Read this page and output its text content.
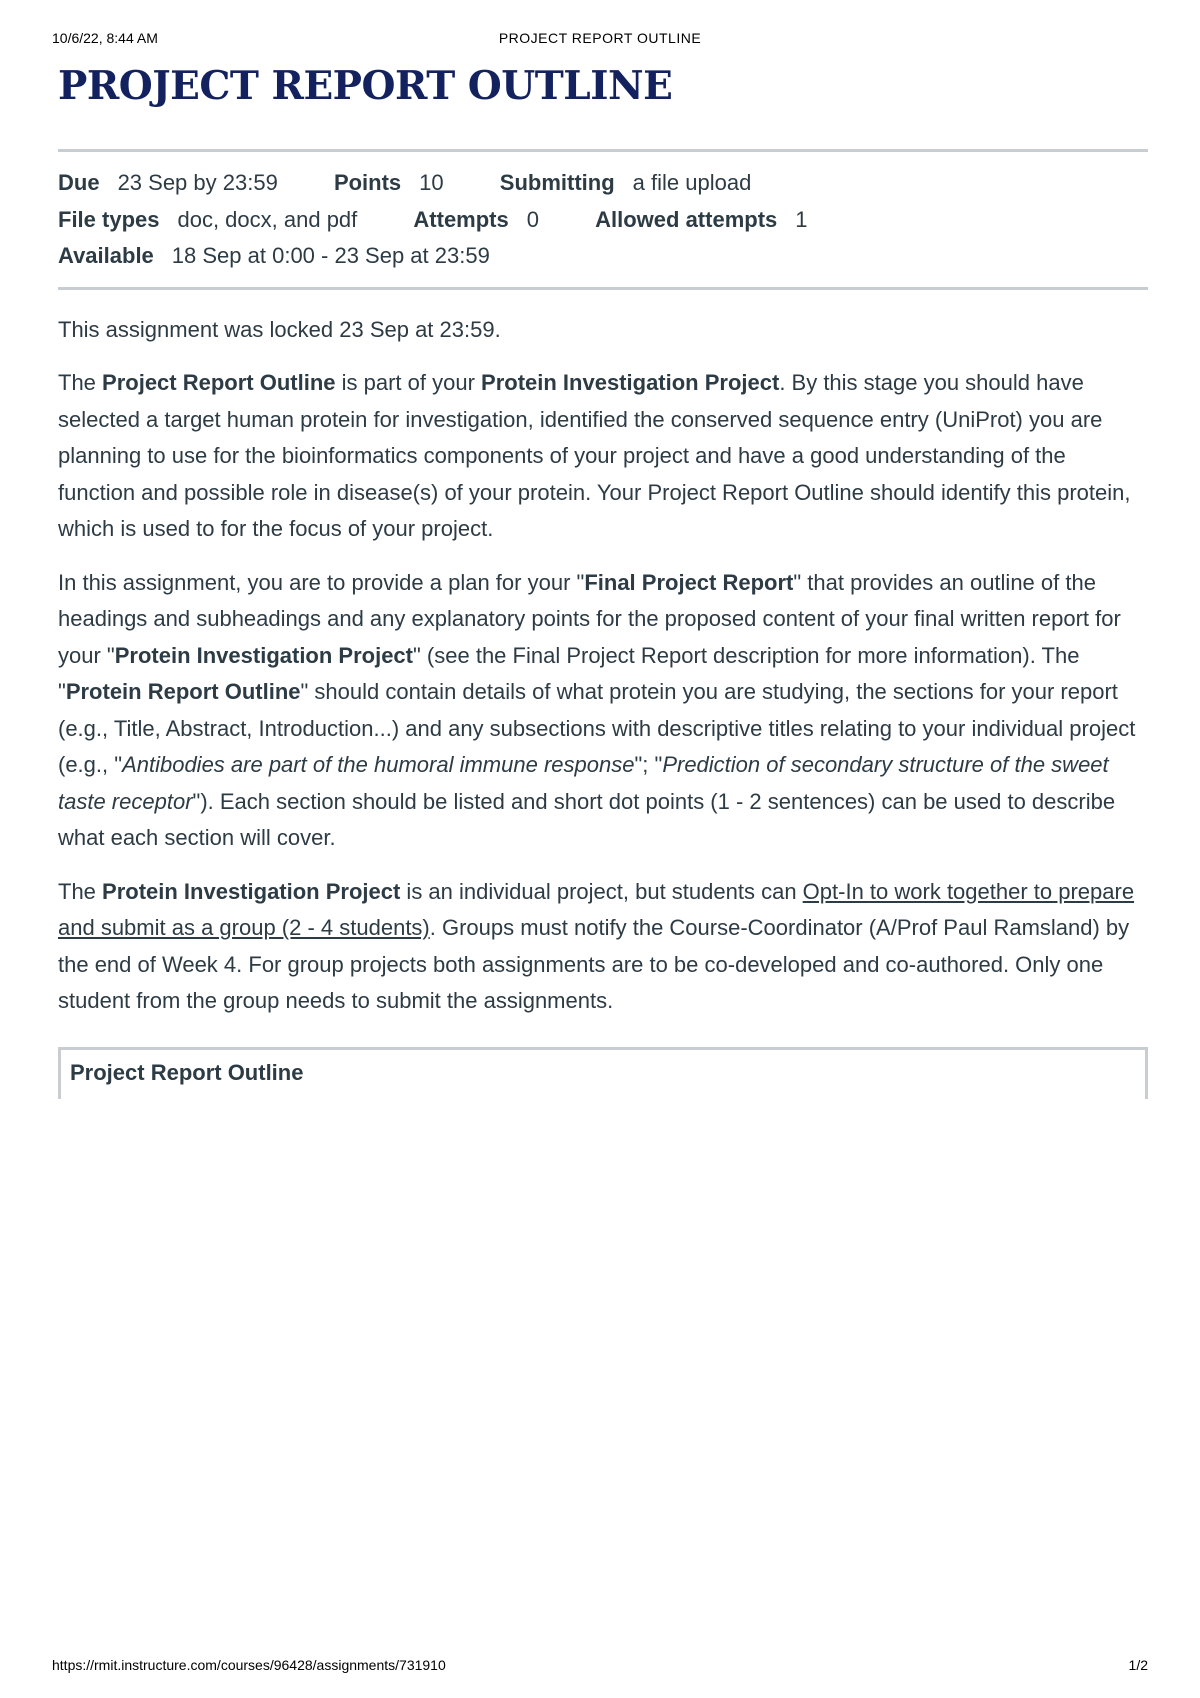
10/6/22, 8:44 AM	PROJECT REPORT OUTLINE
PROJECT REPORT OUTLINE
Due 23 Sep by 23:59	Points 10	Submitting a file upload
File types doc, docx, and pdf	Attempts 0	Allowed attempts 1
Available 18 Sep at 0:00 - 23 Sep at 23:59

This assignment was locked 23 Sep at 23:59.

The Project Report Outline is part of your Protein Investigation Project. By this stage you should have selected a target human protein for investigation, identified the conserved sequence entry (UniProt) you are planning to use for the bioinformatics components of your project and have a good understanding of the function and possible role in disease(s) of your protein. Your Project Report Outline should identify this protein, which is used to for the focus of your project.

In this assignment, you are to provide a plan for your "Final Project Report" that provides an outline of the headings and subheadings and any explanatory points for the proposed content of your final written report for your "Protein Investigation Project" (see the Final Project Report description for more information). The "Protein Report Outline" should contain details of what protein you are studying, the sections for your report (e.g., Title, Abstract, Introduction...) and any subsections with descriptive titles relating to your individual project (e.g., "Antibodies are part of the humoral immune response"; "Prediction of secondary structure of the sweet taste receptor"). Each section should be listed and short dot points (1 - 2 sentences) can be used to describe what each section will cover.

The Protein Investigation Project is an individual project, but students can Opt-In to work together to prepare and submit as a group (2 - 4 students). Groups must notify the Course-Coordinator (A/Prof Paul Ramsland) by the end of Week 4. For group projects both assignments are to be co-developed and co-authored. Only one student from the group needs to submit the assignments.

Project Report Outline
https://rmit.instructure.com/courses/96428/assignments/731910	1/2
